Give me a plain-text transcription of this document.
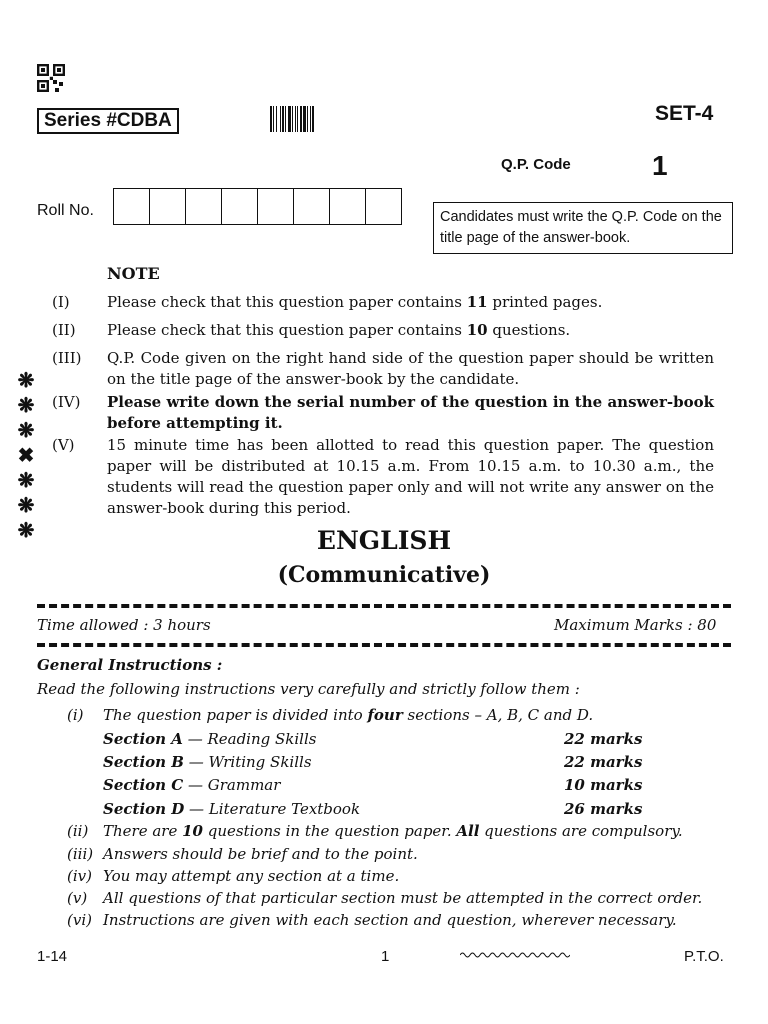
Series #CDBA	SET-4
Q.P. Code	1
Roll No.	Candidates must write the Q.P. Code on the title page of the answer-book.
NOTE
(I)	Please check that this question paper contains 11 printed pages.
(II)	Please check that this question paper contains 10 questions.
(III)	Q.P. Code given on the right hand side of the question paper should be written on the title page of the answer-book by the candidate.
(IV)	Please write down the serial number of the question in the answer-book before attempting it.
(V)	15 minute time has been allotted to read this question paper. The question paper will be distributed at 10.15 a.m. From 10.15 a.m. to 10.30 a.m., the students will read the question paper only and will not write any answer on the answer-book during this period.
❋
❋
❋
✖
❋
❋
❋	ENGLISH
(Communicative)
Time allowed : 3 hours	Maximum Marks : 80
General Instructions :
Read the following instructions very carefully and strictly follow them :
(i) The question paper is divided into four sections – A, B, C and D.
Section A — Reading Skills	22 marks
Section B — Writing Skills	22 marks
Section C — Grammar	10 marks
Section D — Literature Textbook	26 marks
(ii) There are 10 questions in the question paper. All questions are compulsory.
(iii) Answers should be brief and to the point.
(iv) You may attempt any section at a time.
(v) All questions of that particular section must be attempted in the correct order.
(vi) Instructions are given with each section and question, wherever necessary.
1-14	1	P.T.O.
